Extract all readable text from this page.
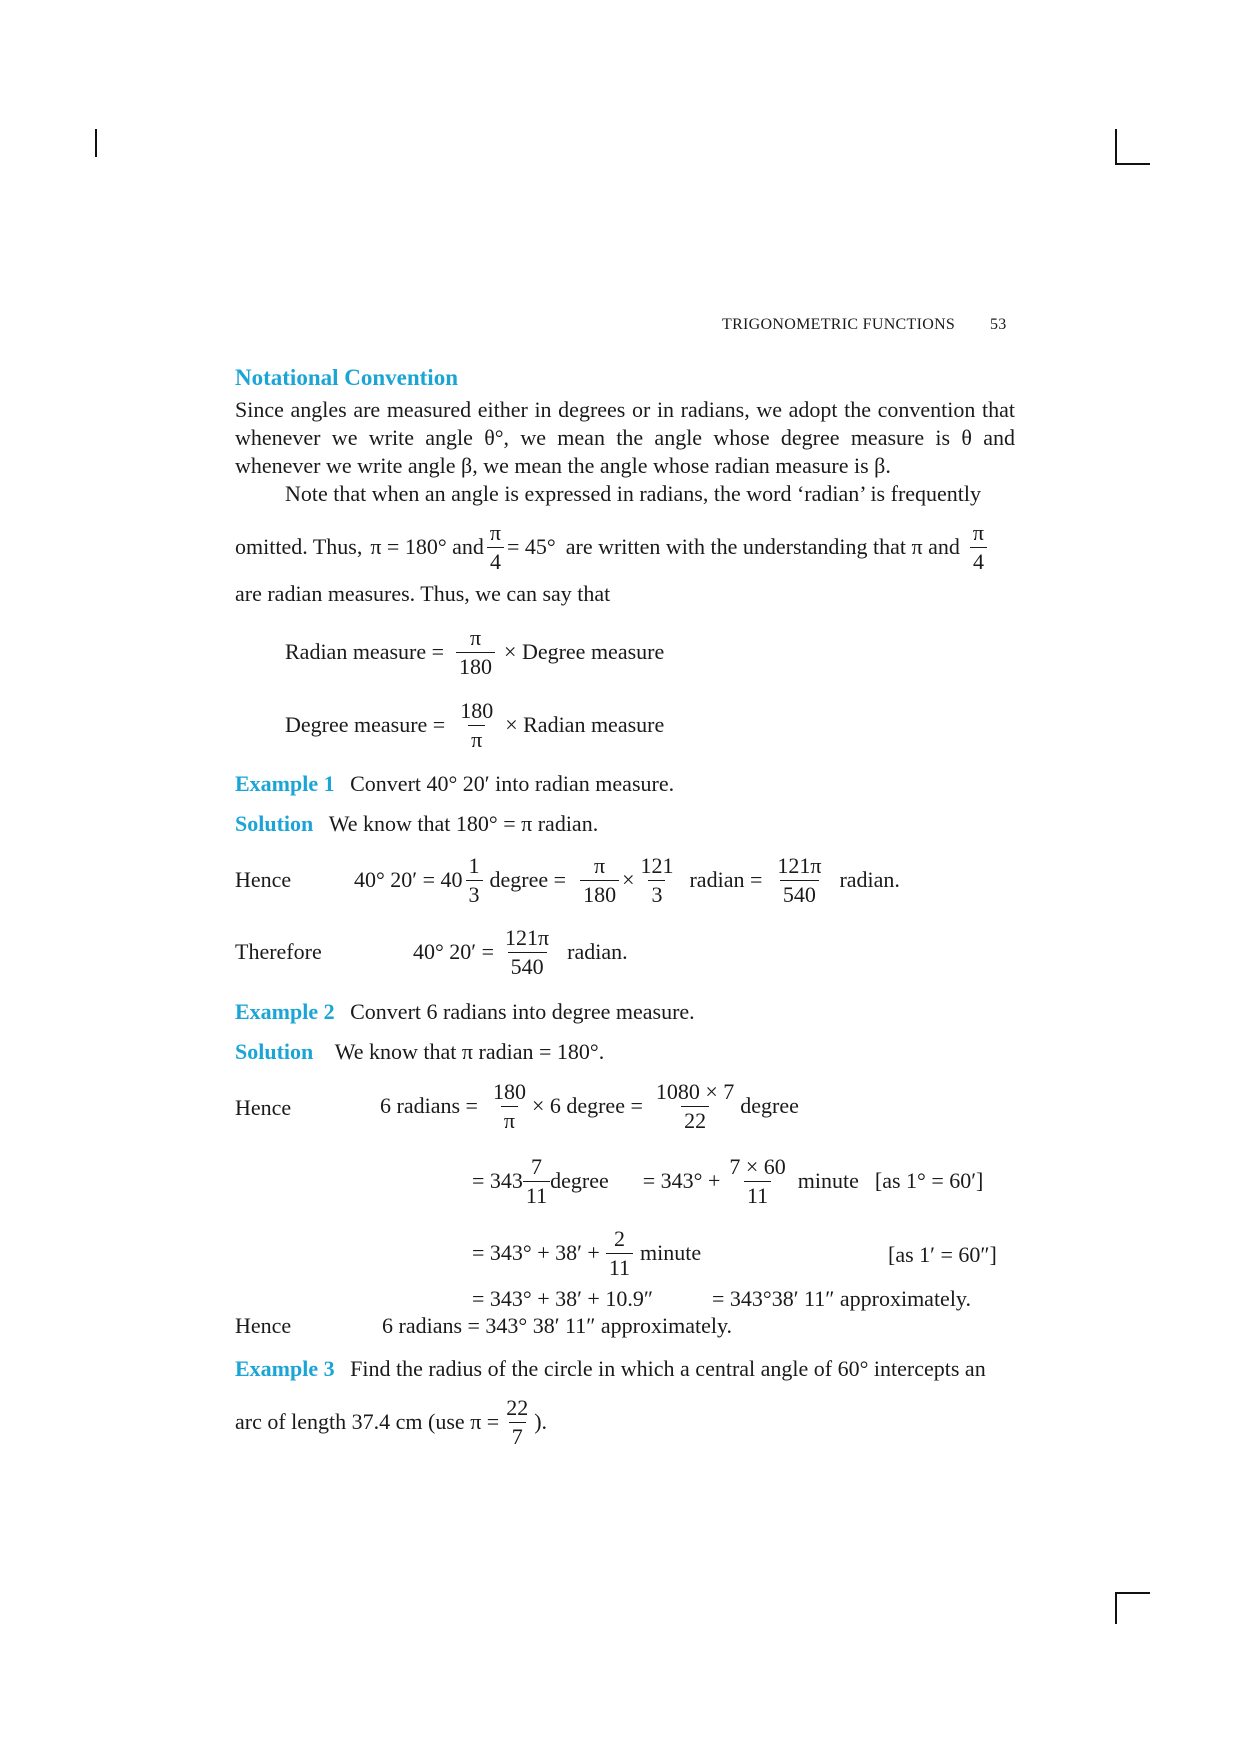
TRIGONOMETRIC FUNCTIONS 53
Notational Convention
Since angles are measured either in degrees or in radians, we adopt the convention that whenever we write angle θ°, we mean the angle whose degree measure is θ and whenever we write angle β, we mean the angle whose radian measure is β.
Note that when an angle is expressed in radians, the word ‘radian’ is frequently
omitted. Thus, π = 180° and $\frac{\pi}{4} = 45^\circ$ are written with the understanding that π and $\frac{\pi}{4}$
are radian measures. Thus, we can say that
Radian measure = $\frac{\pi}{180}$ × Degree measure
Degree measure = $\frac{180}{\pi}$ × Radian measure
Example 1 Convert 40° 20′ into radian measure.
Solution We know that 180° = π radian.
Hence	40° $20' = 40 \frac{1}{3}$ degree = $\frac{\pi}{180} \times \frac{121}{3}$ radian = $\frac{121\pi}{540}$ radian.
Therefore	40° $20' = \frac{121\pi}{540}$ radian.
Example 2 Convert 6 radians into degree measure.
Solution We know that π radian = 180°.
Hence	6 radians = $\frac{180}{\pi} \times 6$ degree = $\frac{1080 \times 7}{22}$ degree
= $343 \frac{7}{11}$ degree = $343^\circ + \frac{7 \times 60}{11}$ minute [as 1° = 60′]
= $343^\circ + 38' + \frac{2}{11}$ minute	[as 1′ = 60″]
= 343° + 38′ + 10.9″	= 343°38′ 11″ approximately.
Hence	6 radians = 343° 38′ 11″ approximately.
Example 3 Find the radius of the circle in which a central angle of 60° intercepts an
arc of length 37.4 cm (use $\pi = \frac{22}{7}$ ).
